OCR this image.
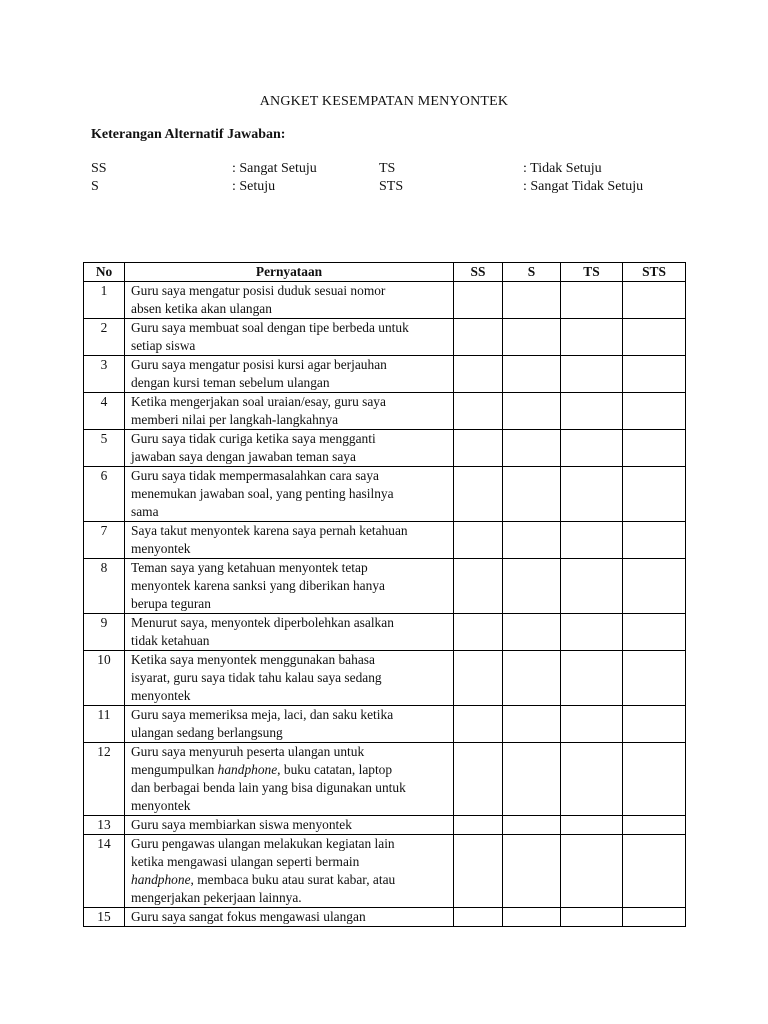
ANGKET KESEMPATAN MENYONTEK
Keterangan Alternatif Jawaban:
SS	: Sangat Setuju	TS	: Tidak Setuju
S	: Setuju	STS	: Sangat Tidak Setuju
No	Pernyataan	SS	S	TS	STS
1	Guru saya mengatur posisi duduk sesuai nomor
absen ketika akan ulangan				

2	Guru saya membuat soal dengan tipe berbeda untuk
setiap siswa				

3	Guru saya mengatur posisi kursi agar berjauhan
dengan kursi teman sebelum ulangan				

4	Ketika mengerjakan soal uraian/esay, guru saya
memberi nilai per langkah-langkahnya				

5	Guru saya tidak curiga ketika saya mengganti
jawaban saya dengan jawaban teman saya				

6	Guru saya tidak mempermasalahkan cara saya
menemukan jawaban soal, yang penting hasilnya
sama				

7	Saya takut menyontek karena saya pernah ketahuan
menyontek				

8	Teman saya yang ketahuan menyontek tetap
menyontek karena sanksi yang diberikan hanya
berupa teguran				

9	Menurut saya, menyontek diperbolehkan asalkan
tidak ketahuan				

10	Ketika saya menyontek menggunakan bahasa
isyarat, guru saya tidak tahu kalau saya sedang
menyontek				

11	Guru saya memeriksa meja, laci, dan saku ketika
ulangan sedang berlangsung				

12	Guru saya menyuruh peserta ulangan untuk
mengumpulkan handphone, buku catatan, laptop
dan berbagai benda lain yang bisa digunakan untuk
menyontek				

13	Guru saya membiarkan siswa menyontek				

14	Guru pengawas ulangan melakukan kegiatan lain
ketika mengawasi ulangan seperti bermain
handphone, membaca buku atau surat kabar, atau
mengerjakan pekerjaan lainnya.				

15	Guru saya sangat fokus mengawasi ulangan				
